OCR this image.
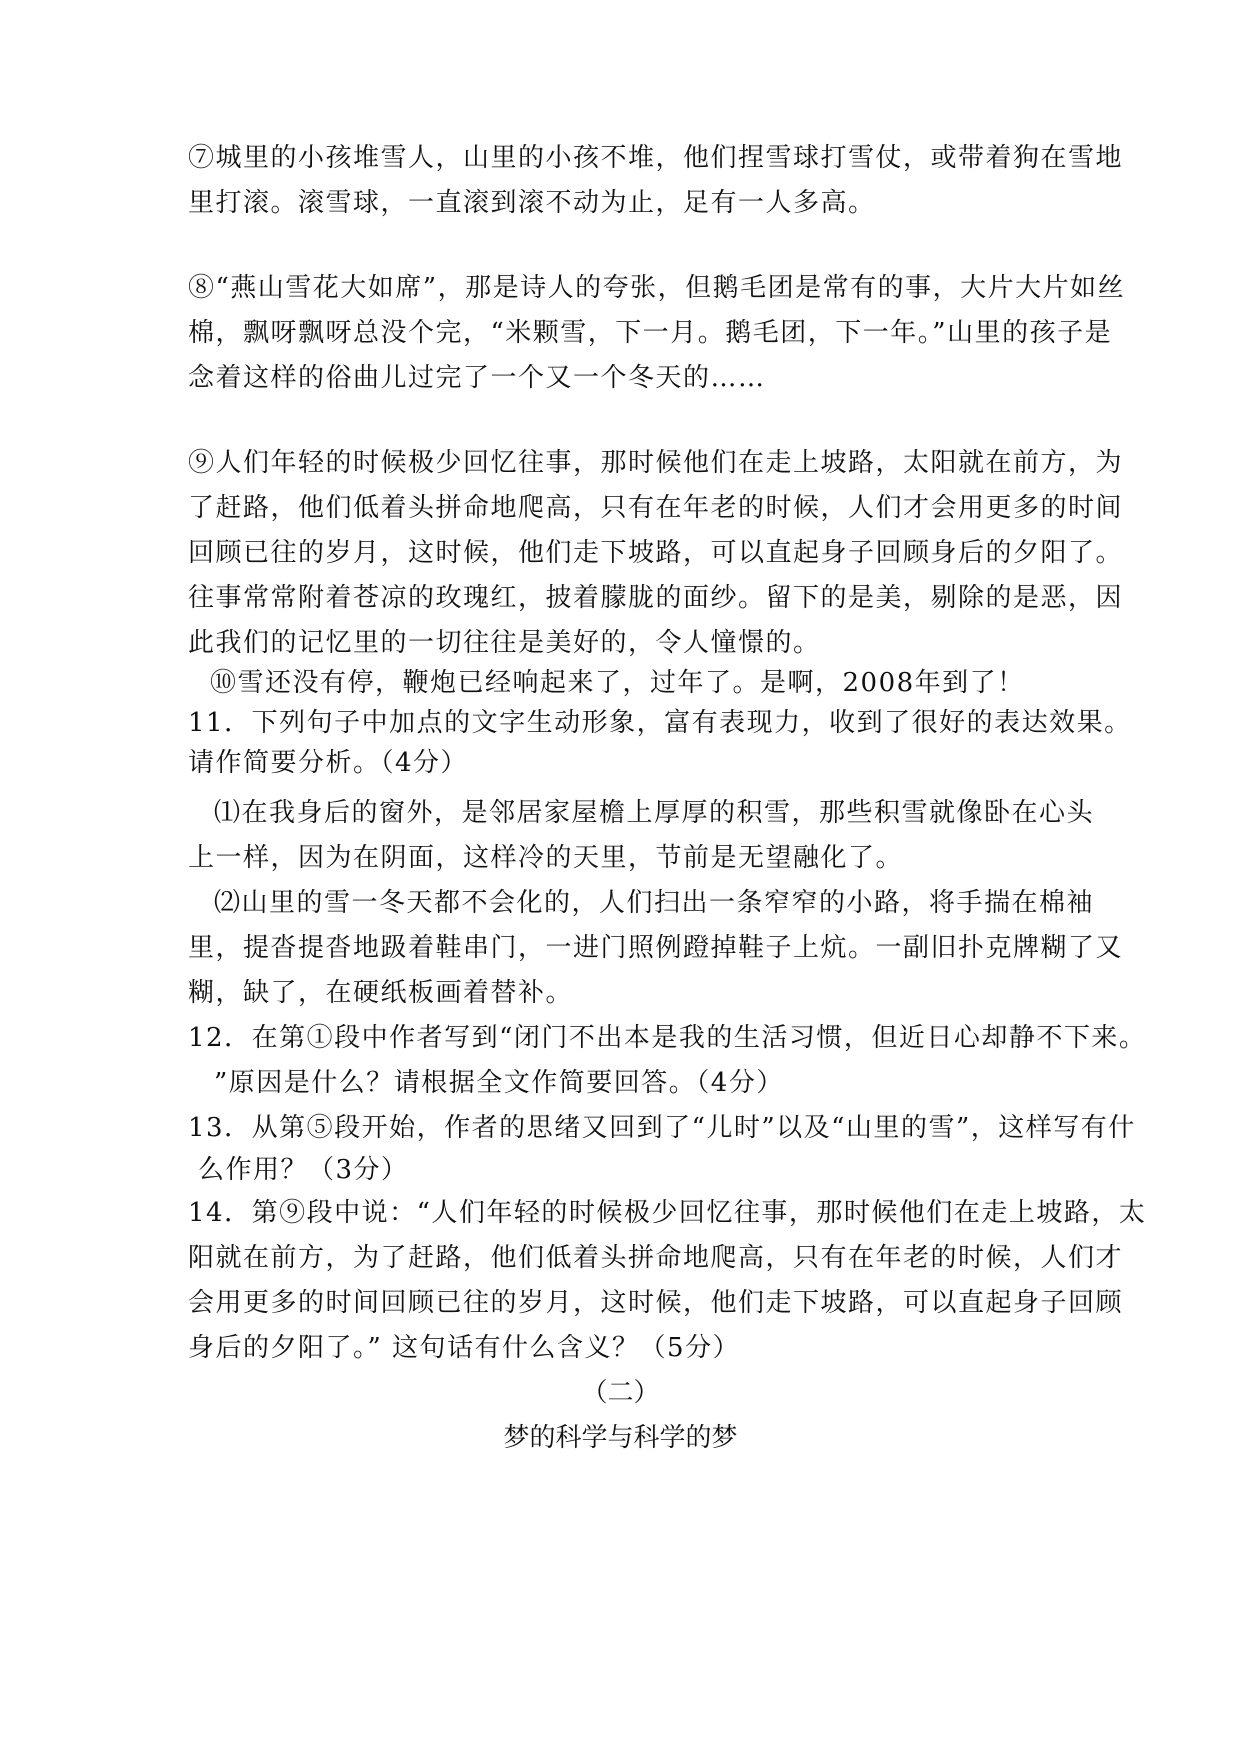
⑦城里的小孩堆雪人，山里的小孩不堆，他们捏雪球打雪仗，或带着狗在雪地
里打滚。滚雪球，一直滚到滚不动为止，足有一人多高。
⑧“燕山雪花大如席”，那是诗人的夸张，但鹅毛团是常有的事，大片大片如丝
棉，飘呀飘呀总没个完，“米颗雪，下一月。鹅毛团，下一年。”山里的孩子是
念着这样的俗曲儿过完了一个又一个冬天的……
⑨人们年轻的时候极少回忆往事，那时候他们在走上坡路，太阳就在前方，为
了赶路，他们低着头拼命地爬高，只有在年老的时候，人们才会用更多的时间
回顾已往的岁月，这时候，他们走下坡路，可以直起身子回顾身后的夕阳了。
往事常常附着苍凉的玫瑰红，披着朦胧的面纱。留下的是美，剔除的是恶，因
此我们的记忆里的一切往往是美好的，令人憧憬的。
⑩雪还没有停，鞭炮已经响起来了，过年了。是啊，2008年到了！
11．下列句子中加点的文字生动形象，富有表现力，收到了很好的表达效果。
请作简要分析。（4分）
⑴在我身后的窗外，是邻居家屋檐上厚厚的积雪，那些积雪就像卧在心头
上一样，因为在阴面，这样冷的天里，节前是无望融化了。
⑵山里的雪一冬天都不会化的，人们扫出一条窄窄的小路，将手揣在棉袖
里，提沓提沓地趿着鞋串门，一进门照例蹬掉鞋子上炕。一副旧扑克牌糊了又
糊，缺了，在硬纸板画着替补。
12．在第①段中作者写到“闭门不出本是我的生活习惯，但近日心却静不下来。
”原因是什么？请根据全文作简要回答。（4分）
13．从第⑤段开始，作者的思绪又回到了“儿时”以及“山里的雪”，这样写有什
么作用？（3分）
14．第⑨段中说：“人们年轻的时候极少回忆往事，那时候他们在走上坡路，太
阳就在前方，为了赶路，他们低着头拼命地爬高，只有在年老的时候，人们才
会用更多的时间回顾已往的岁月，这时候，他们走下坡路，可以直起身子回顾
身后的夕阳了。” 这句话有什么含义？（5分）
（二）
梦的科学与科学的梦
